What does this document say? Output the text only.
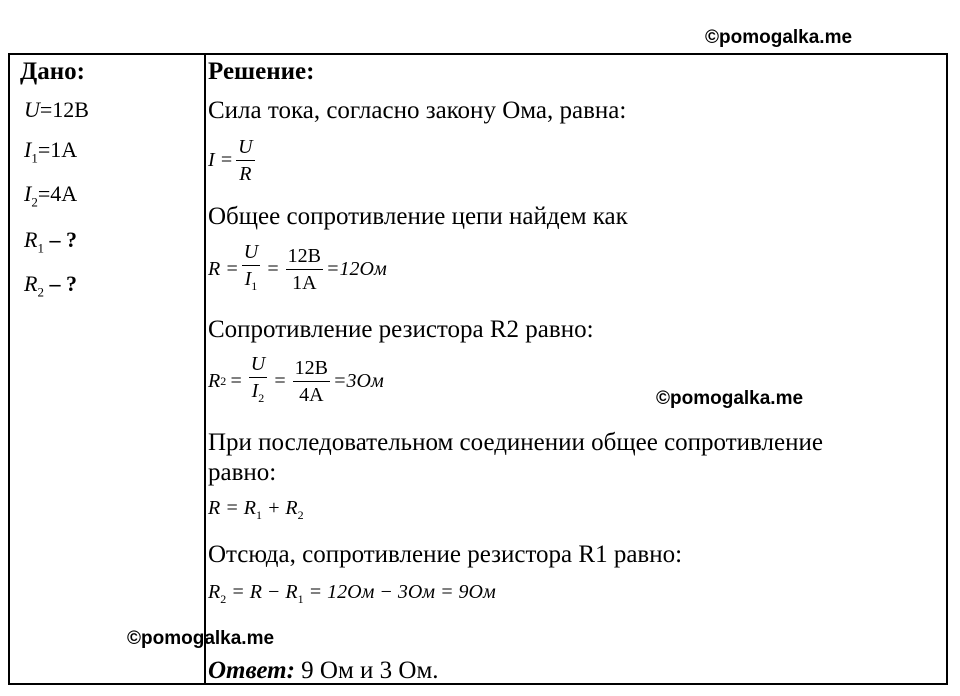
©pomogalka.me
Дано:
U=12B
$I_1=1A$
$I_2=4A$
$R_1$ – ?
$R_2$ – ?
Решение:
Сила тока, согласно закону Ома, равна:
$I = \frac{U}{R}$
Общее сопротивление цепи найдем как
$R = \frac{U}{I_1} = \frac{12B}{1A} =12Ом$
Сопротивление резистора R2 равно:
R $2 = \frac{U}{I_2} = \frac{12B}{4A} =3Ом$
При последовательном соединении общее сопротивление
равно:
$R = R_1 + R_2$
Отсюда, сопротивление резистора R1 равно:
$R_2 = R - R_1 = 12Ом - 3Ом = 9Ом$
Ответ: 9 Ом и 3 Ом.
©pomogalka.me
©pomogalka.me
